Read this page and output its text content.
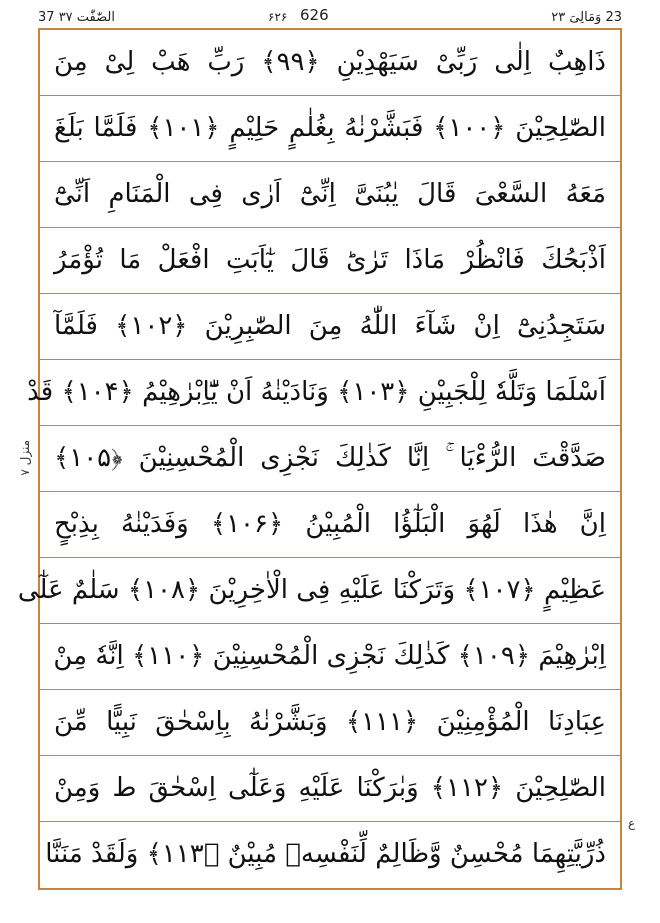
23 وَمَالِیَ ۲۳
۶۲۶ 626
37 الصّٰفّٰت ۳۷
ذَاهِبٌ اِلٰى رَبِّىْ سَيَهْدِيْنِ ﴿۹۹﴾ رَبِّ هَبْ لِىْ مِنَ
الصّٰلِحِيْنَ ﴿۱۰۰﴾ فَبَشَّرْنٰهُ بِغُلٰمٍ حَلِيْمٍ ﴿۱۰۱﴾ فَلَمَّا بَلَغَ
مَعَهُ السَّعْىَ قَالَ يٰبُنَىَّ اِنِّىْٓ اَرٰى فِى الْمَنَامِ اَنِّىْٓ
اَذْبَحُكَ فَانْظُرْ مَاذَا تَرٰىؕ قَالَ يٰٓاَبَتِ افْعَلْ مَا تُؤْمَرُ
سَتَجِدُنِىْٓ اِنْ شَآءَ اللّٰهُ مِنَ الصّٰبِرِيْنَ ﴿۱۰۲﴾ فَلَمَّآ
اَسْلَمَا وَتَلَّهٗ لِلْجَبِيْنِ ﴿۱۰۳﴾ وَنَادَيْنٰهُ اَنْ يّٰٓاِبْرٰهِيْمُ ﴿۱۰۴﴾ قَدْ
صَدَّقْتَ الرُّءْيَا ۚ اِنَّا كَذٰلِكَ نَجْزِى الْمُحْسِنِيْنَ ﴿۱۰۵﴾
اِنَّ هٰذَا لَهُوَ الْبَلٰٓؤُا الْمُبِيْنُ ﴿۱۰۶﴾ وَفَدَيْنٰهُ بِذِبْحٍ
عَظِيْمٍ ﴿۱۰۷﴾ وَتَرَكْنَا عَلَيْهِ فِى الْاٰخِرِيْنَ ﴿۱۰۸﴾ سَلٰمٌ عَلٰٓى
اِبْرٰهِيْمَ ﴿۱۰۹﴾ كَذٰلِكَ نَجْزِى الْمُحْسِنِيْنَ ﴿۱۱۰﴾ اِنَّهٗ مِنْ
عِبَادِنَا الْمُؤْمِنِيْنَ ﴿۱۱۱﴾ وَبَشَّرْنٰهُ بِاِسْحٰقَ نَبِيًّا مِّنَ
الصّٰلِحِيْنَ ﴿۱۱۲﴾ وَبٰرَكْنَا عَلَيْهِ وَعَلٰٓى اِسْحٰقَ ط وَمِنْ
ذُرِّيَّتِهِمَا مُحْسِنٌ وَّظَالِمٌ لِّنَفْسِهٖ مُبِيْنٌ ﴿۱۱۳﴾ وَلَقَدْ مَنَنَّا
منزل ۷
ع
